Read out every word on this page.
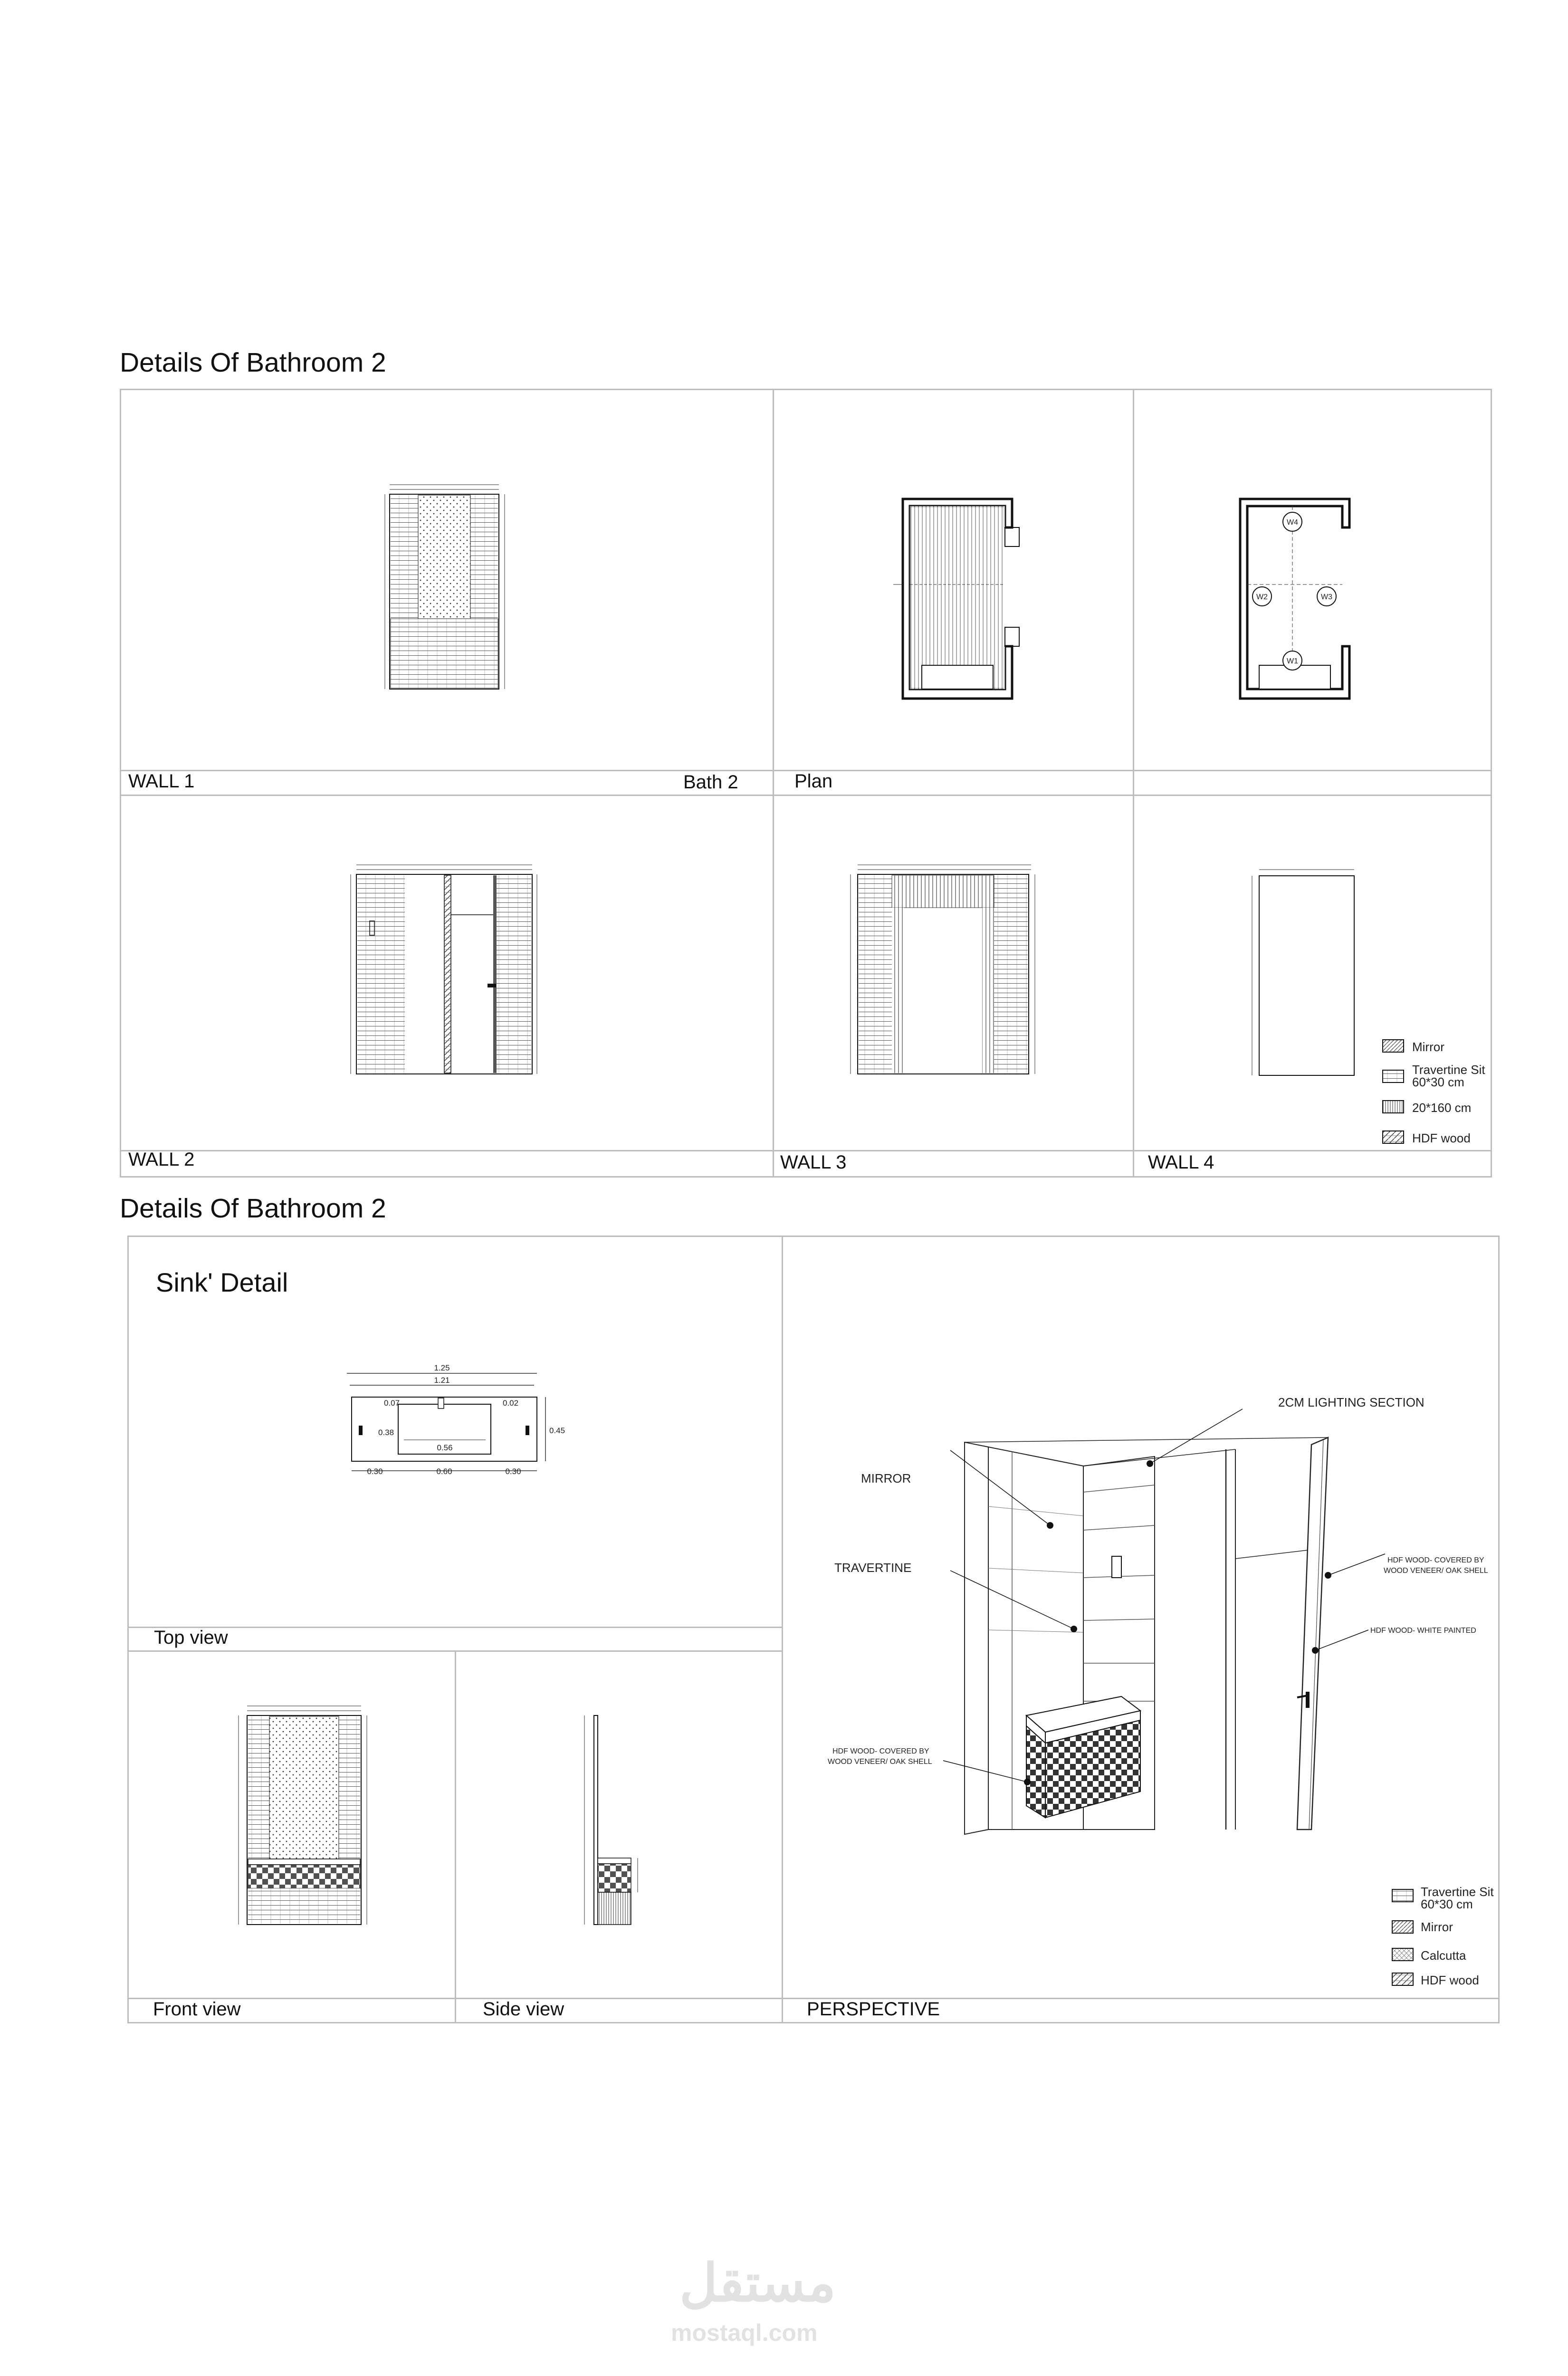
Details Of Bathroom 2
WALL 1	Bath 2	Plan
WALL 2	WALL 3	WALL 4
W4
W2	W3
W1
Mirror
Travertine Sit
60*30 cm
20*160 cm
HDF wood
Details Of Bathroom 2
Sink' Detail
Top view
Front view	Side view	PERSPECTIVE
1.25
1.21
0.07	0.02
0.38
0.56
0.45
0.30	0.60	0.30
2CM LIGHTING SECTION
MIRROR
TRAVERTINE
HDF WOOD- COVERED BY
WOOD VENEER/ OAK SHELL
HDF WOOD- WHITE PAINTED
HDF WOOD- COVERED BY
WOOD VENEER/ OAK SHELL
Travertine Sit
60*30 cm
Mirror
Calcutta
HDF wood
مستقل
mostaql.com
